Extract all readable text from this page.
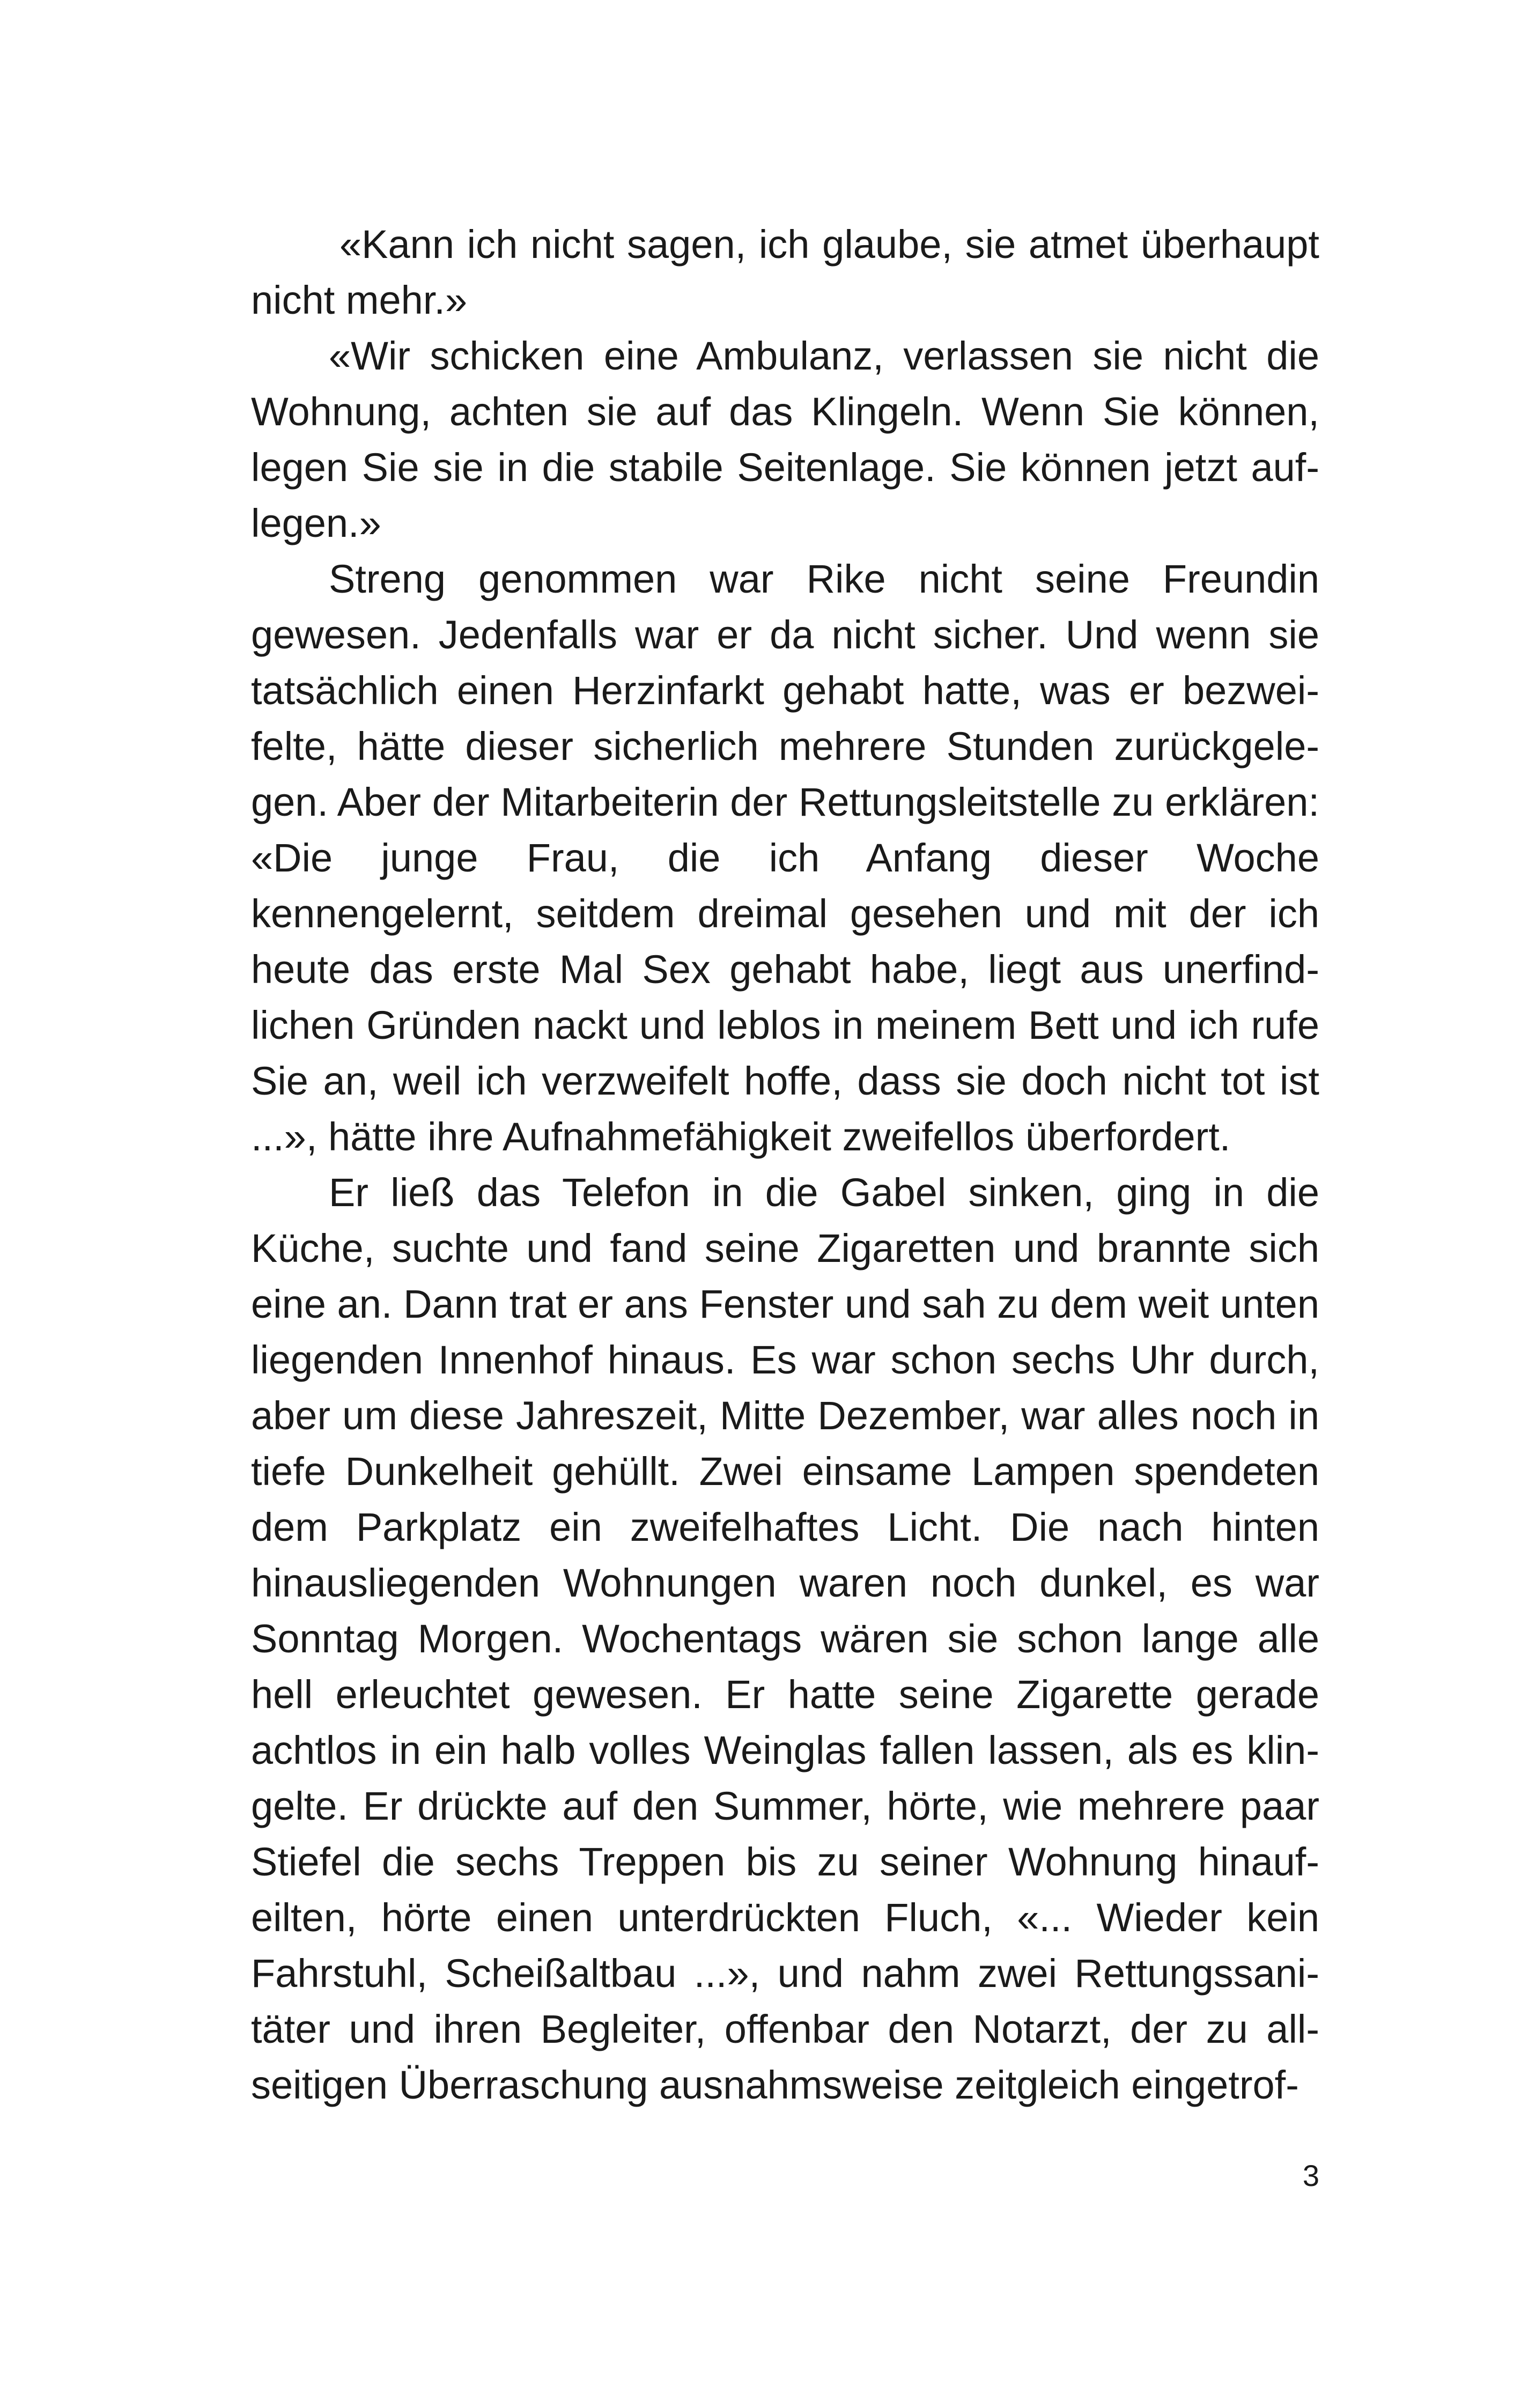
«Kann ich nicht sagen, ich glaube, sie atmet überhaupt nicht mehr.»

«Wir schicken eine Ambulanz, verlassen sie nicht die Wohnung, achten sie auf das Klingeln. Wenn Sie können, legen Sie sie in die stabile Seitenlage. Sie können jetzt auflegen.»

Streng genommen war Rike nicht seine Freundin gewesen. Jedenfalls war er da nicht sicher. Und wenn sie tatsächlich einen Herzinfarkt gehabt hatte, was er bezweifelte, hätte dieser sicherlich mehrere Stunden zurückgelegen. Aber der Mitarbeiterin der Rettungsleitstelle zu erklären: «Die junge Frau, die ich Anfang dieser Woche kennengelernt, seitdem dreimal gesehen und mit der ich heute das erste Mal Sex gehabt habe, liegt aus unerfindlichen Gründen nackt und leblos in meinem Bett und ich rufe Sie an, weil ich verzweifelt hoffe, dass sie doch nicht tot ist ...», hätte ihre Aufnahmefähigkeit zweifellos überfordert.

Er ließ das Telefon in die Gabel sinken, ging in die Küche, suchte und fand seine Zigaretten und brannte sich eine an. Dann trat er ans Fenster und sah zu dem weit unten liegenden Innenhof hinaus. Es war schon sechs Uhr durch, aber um diese Jahreszeit, Mitte Dezember, war alles noch in tiefe Dunkelheit gehüllt. Zwei einsame Lampen spendeten dem Parkplatz ein zweifelhaftes Licht. Die nach hinten hinausliegenden Wohnungen waren noch dunkel, es war Sonntag Morgen. Wochentags wären sie schon lange alle hell erleuchtet gewesen. Er hatte seine Zigarette gerade achtlos in ein halb volles Weinglas fallen lassen, als es klingelte. Er drückte auf den Summer, hörte, wie mehrere paar Stiefel die sechs Treppen bis zu seiner Wohnung hinaufeilten, hörte einen unterdrückten Fluch, «... Wieder kein Fahrstuhl, Scheißaltbau ...», und nahm zwei Rettungssanitäter und ihren Begleiter, offenbar den Notarzt, der zu allseitigen Überraschung ausnahmsweise zeitgleich eingetrof-

3
